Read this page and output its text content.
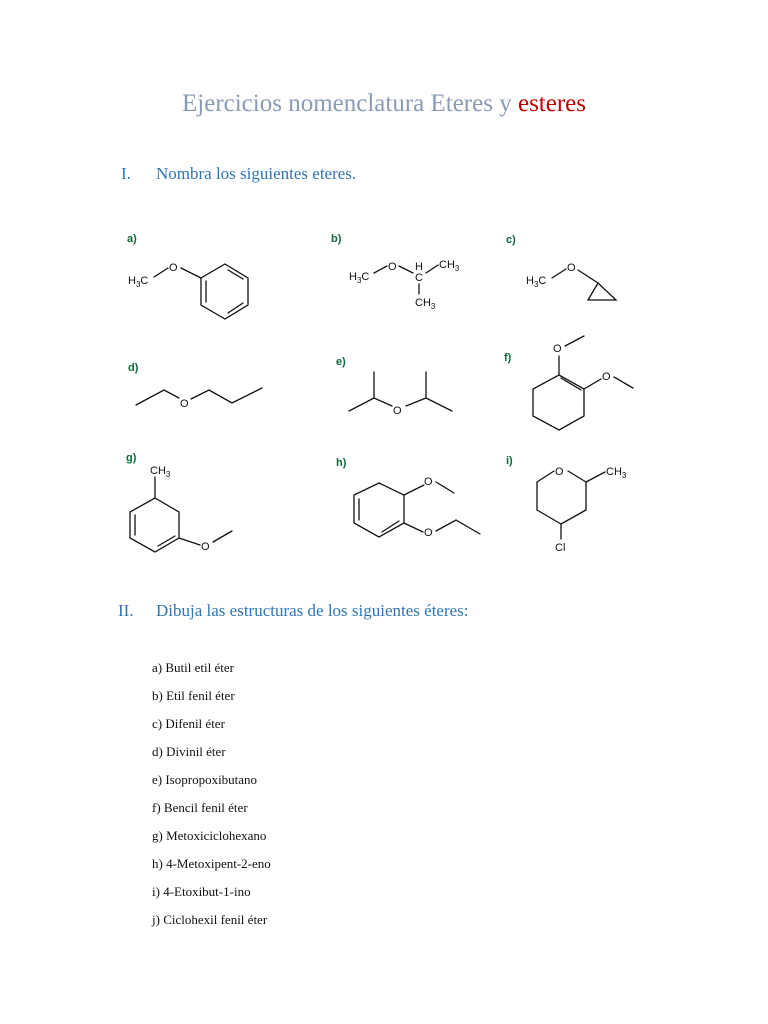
Ejercicios nomenclatura Eteres y esteres
I. Nombra los siguientes eteres.
a)
$H_3C$
O
b)
$H_3C$
O H
C
$CH_3$
$CH_3$
c)
$H_3C$
O
d)
O
e)
O
f)
O
O
g)
$CH_3$
O
h)
O
O
i)
O	$CH_3$
Cl
II. Dibuja las estructuras de los siguientes éteres:
a) Butil etil éter
b) Etil fenil éter
c) Difenil éter
d) Divinil éter
e) Isopropoxibutano
f) Bencil fenil éter
g) Metoxiciclohexano
h) 4-Metoxipent-2-eno
i) 4-Etoxibut-1-ino
j) Ciclohexil fenil éter
